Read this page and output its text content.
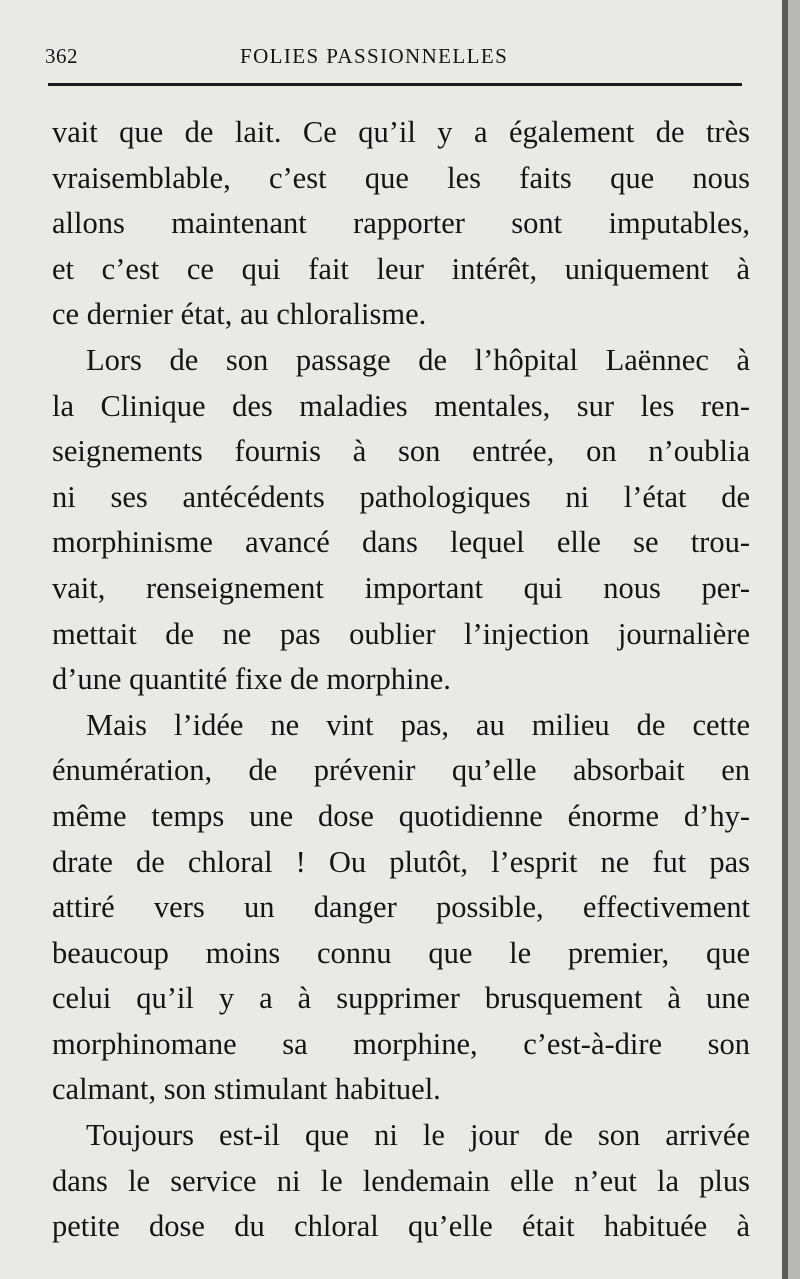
362	FOLIES PASSIONNELLES
vait que de lait. Ce qu’il y a également de très
vraisemblable, c’est que les faits que nous
allons maintenant rapporter sont imputables,
et c’est ce qui fait leur intérêt, uniquement à
ce dernier état, au chloralisme.
Lors de son passage de l’hôpital Laënnec à
la Clinique des maladies mentales, sur les ren-
seignements fournis à son entrée, on n’oublia
ni ses antécédents pathologiques ni l’état de
morphinisme avancé dans lequel elle se trou-
vait, renseignement important qui nous per-
mettait de ne pas oublier l’injection journalière
d’une quantité fixe de morphine.
Mais l’idée ne vint pas, au milieu de cette
énumération, de prévenir qu’elle absorbait en
même temps une dose quotidienne énorme d’hy-
drate de chloral ! Ou plutôt, l’esprit ne fut pas
attiré vers un danger possible, effectivement
beaucoup moins connu que le premier, que
celui qu’il y a à supprimer brusquement à une
morphinomane sa morphine, c’est-à-dire son
calmant, son stimulant habituel.
Toujours est-il que ni le jour de son arrivée
dans le service ni le lendemain elle n’eut la plus
petite dose du chloral qu’elle était habituée à
